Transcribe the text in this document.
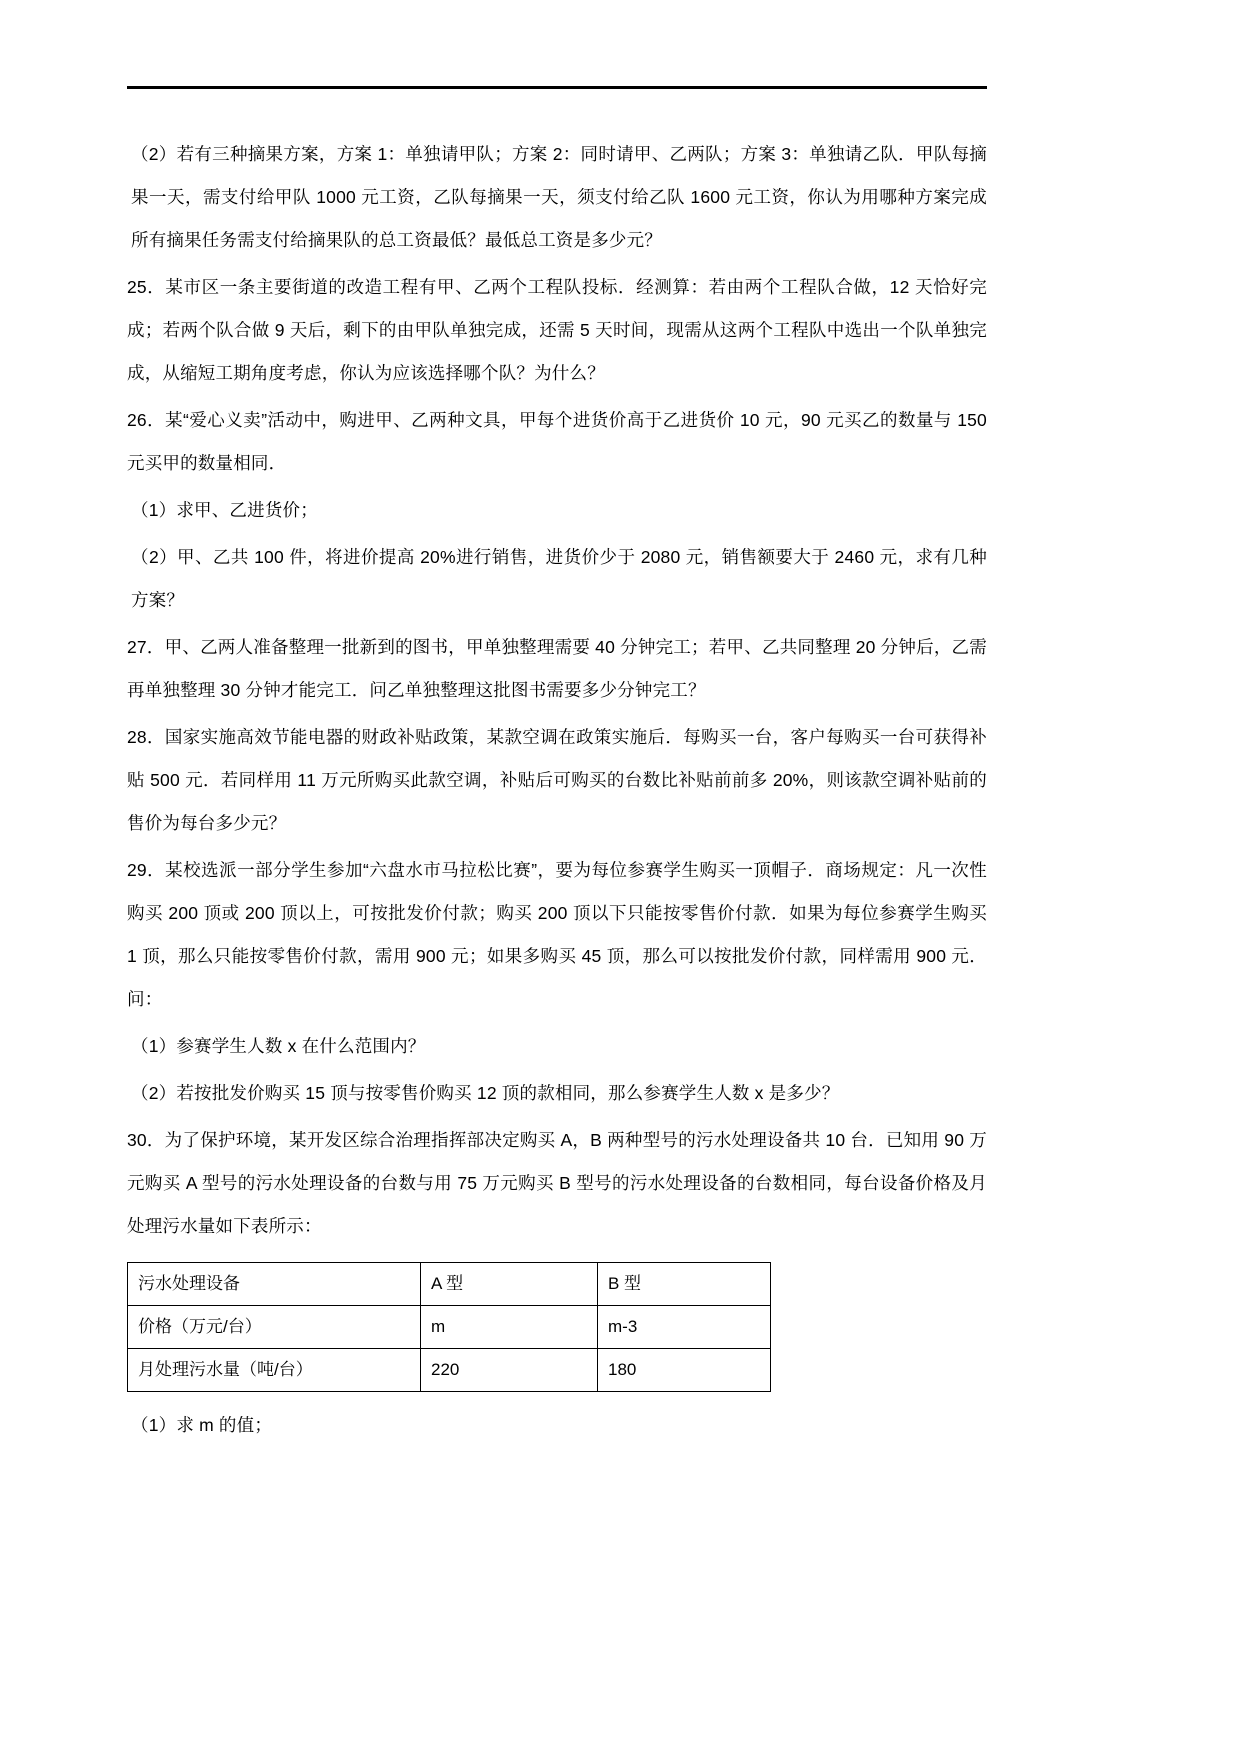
（2）若有三种摘果方案，方案 1：单独请甲队；方案 2：同时请甲、乙两队；方案 3：单独请乙队．甲队每摘果一天，需支付给甲队 1000 元工资，乙队每摘果一天，须支付给乙队 1600 元工资，你认为用哪种方案完成所有摘果任务需支付给摘果队的总工资最低？最低总工资是多少元？

25．某市区一条主要街道的改造工程有甲、乙两个工程队投标．经测算：若由两个工程队合做，12 天恰好完成；若两个队合做 9 天后，剩下的由甲队单独完成，还需 5 天时间，现需从这两个工程队中选出一个队单独完成，从缩短工期角度考虑，你认为应该选择哪个队？为什么？

26．某“爱心义卖”活动中，购进甲、乙两种文具，甲每个进货价高于乙进货价 10 元，90 元买乙的数量与 150 元买甲的数量相同．

（1）求甲、乙进货价；

（2）甲、乙共 100 件，将进价提高 20%进行销售，进货价少于 2080 元，销售额要大于 2460 元，求有几种方案？

27．甲、乙两人准备整理一批新到的图书，甲单独整理需要 40 分钟完工；若甲、乙共同整理 20 分钟后，乙需再单独整理 30 分钟才能完工．问乙单独整理这批图书需要多少分钟完工？

28．国家实施高效节能电器的财政补贴政策，某款空调在政策实施后．每购买一台，客户每购买一台可获得补贴 500 元．若同样用 11 万元所购买此款空调，补贴后可购买的台数比补贴前前多 20%，则该款空调补贴前的售价为每台多少元？

29．某校选派一部分学生参加“六盘水市马拉松比赛”，要为每位参赛学生购买一顶帽子．商场规定：凡一次性购买 200 顶或 200 顶以上，可按批发价付款；购买 200 顶以下只能按零售价付款．如果为每位参赛学生购买 1 顶，那么只能按零售价付款，需用 900 元；如果多购买 45 顶，那么可以按批发价付款，同样需用 900 元．问：

（1）参赛学生人数 x 在什么范围内？

（2）若按批发价购买 15 顶与按零售价购买 12 顶的款相同，那么参赛学生人数 x 是多少？

30．为了保护环境，某开发区综合治理指挥部决定购买 A，B 两种型号的污水处理设备共 10 台．已知用 90 万元购买 A 型号的污水处理设备的台数与用 75 万元购买 B 型号的污水处理设备的台数相同，每台设备价格及月处理污水量如下表所示：

污水处理设备	A 型	B 型
价格（万元/台）	m	m-3
月处理污水量（吨/台）	220	180

（1）求 m 的值；
